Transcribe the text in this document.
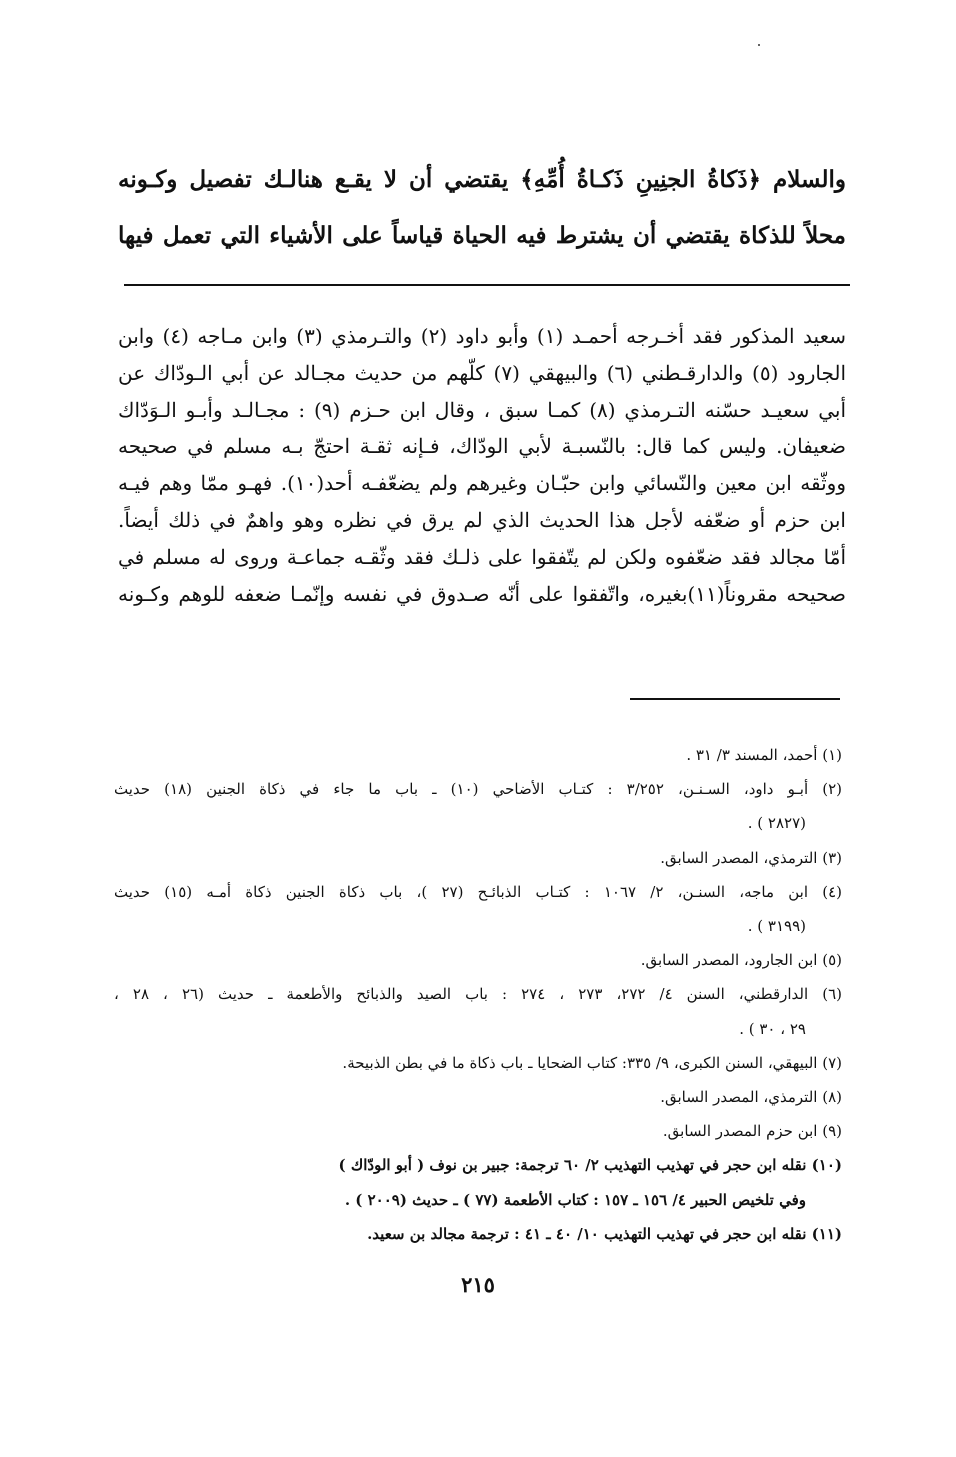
والسلام ﴿ذَكاةُ الجنِينِ ذَكـاةُ أُمِّهِ﴾ يقتضي أن لا يقـع هنالـك تفصيل وكـونه
محلاً للذكاة يقتضي أن يشترط فيه الحياة قياساً على الأشياء التي تعمل فيها
سعيد المذكور فقد أخـرجه أحمـد (١) وأبو داود (٢) والتـرمذي (٣) وابن مـاجه (٤) وابن
الجارود (٥) والدارقـطني (٦) والبيهقي (٧) كلّهم من حديث مجـالد عن أبي الـودّاك عن
أبي سعيـد حسّنه التـرمذي (٨) كمـا سبق ، وقال ابن حـزم (٩) : مجـالـد وأبـو الـوَدّاك
ضعيفان. وليس كما قال: بالنّسبـة لأبي الودّاك، فـإنه ثقـة احتجّ بـه مسلم في صحيحه
ووثّقه ابن معين والنّسائي وابن حبّـان وغيرهم ولم يضعّفـه أحد(١٠). فهـو ممّا وهم فيـه
ابن حزم أو ضعّفه لأجل هذا الحديث الذي لم يرق في نظره وهو واهمٌ في ذلك أيضاً.
أمّا مجالد فقد ضعّفوه ولكن لم يتّفقوا على ذلـك فقد وثّقـه جماعـة وروى له مسلم في
صحيحه مقروناً(١١)بغيره، واتّفقوا على أنّه صـدوق في نفسه وإنّمـا ضعفه للوهم وكـونه
(١) أحمد، المسند ٣/ ٣١ .
(٢) أبـو داود، السـنـن، ٣/٢٥٢ : كتـاب الأضاحي (١٠) ـ باب ما جاء في ذكاة الجنين (١٨) حديث
(٢٨٢٧ ) .
(٣) الترمذي، المصدر السابق.
(٤) ابن ماجه، السنـن، ٢/ ١٠٦٧ : كتـاب الذبائـح (٢٧ )، باب ذكاة الجنين ذكاة أمـه (١٥) حديث
(٣١٩٩ ) .
(٥) ابن الجارود، المصدر السابق.
(٦) الدارقطني، السنن ٤/ ٢٧٢، ٢٧٣ ، ٢٧٤ : باب الصيد والذبائح والأطعمة ـ حديث (٢٦ ، ٢٨ ،
٢٩ ، ٣٠ ) .
(٧) البيهقي، السنن الكبرى، ٩/ ٣٣٥: كتاب الضحايا ـ باب ذكاة ما في بطن الذبيحة.
(٨) الترمذي، المصدر السابق.
(٩) ابن حزم المصدر السابق.
(١٠) نقله ابن حجر في تهذيب التهذيب ٢/ ٦٠ ترجمة: جبير بن نوف ( أبو الودّاك )
وفي تلخيص الحبير ٤/ ١٥٦ ـ ١٥٧ : كتاب الأطعمة (٧٧ ) ـ حديث (٢٠٠٩ ) .
(١١) نقله ابن حجر في تهذيب التهذيب ١٠/ ٤٠ ـ ٤١ : ترجمة مجالد بن سعيد.
٢١٥
